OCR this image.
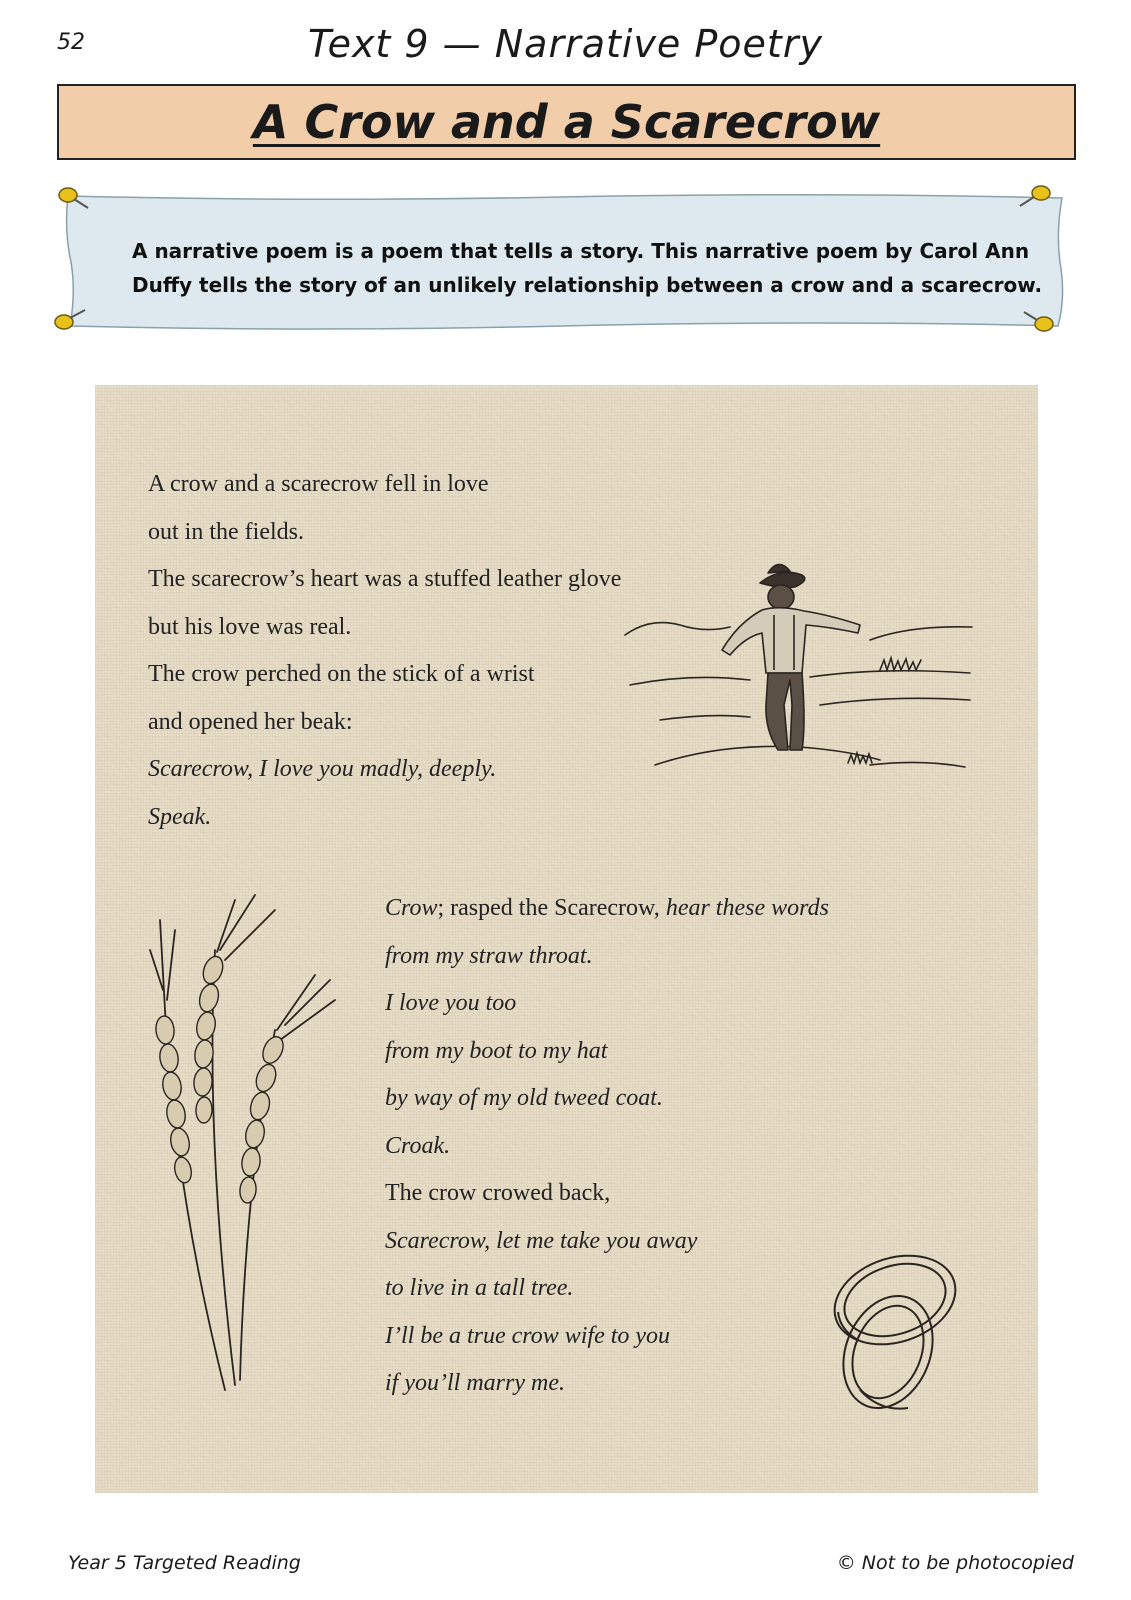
52	Text 9 — Narrative Poetry
A Crow and a Scarecrow
A narrative poem is a poem that tells a story. This narrative poem by Carol Ann
Duffy tells the story of an unlikely relationship between a crow and a scarecrow.
A crow and a scarecrow fell in love
out in the fields.
The scarecrow’s heart was a stuffed leather glove
but his love was real.
The crow perched on the stick of a wrist
and opened her beak:
Scarecrow, I love you madly, deeply.
Speak.
Crow; rasped the Scarecrow, hear these words
from my straw throat.
I love you too
from my boot to my hat
by way of my old tweed coat.
Croak.
The crow crowed back,
Scarecrow, let me take you away
to live in a tall tree.
I’ll be a true crow wife to you
if you’ll marry me.
Year 5 Targeted Reading	© Not to be photocopied
